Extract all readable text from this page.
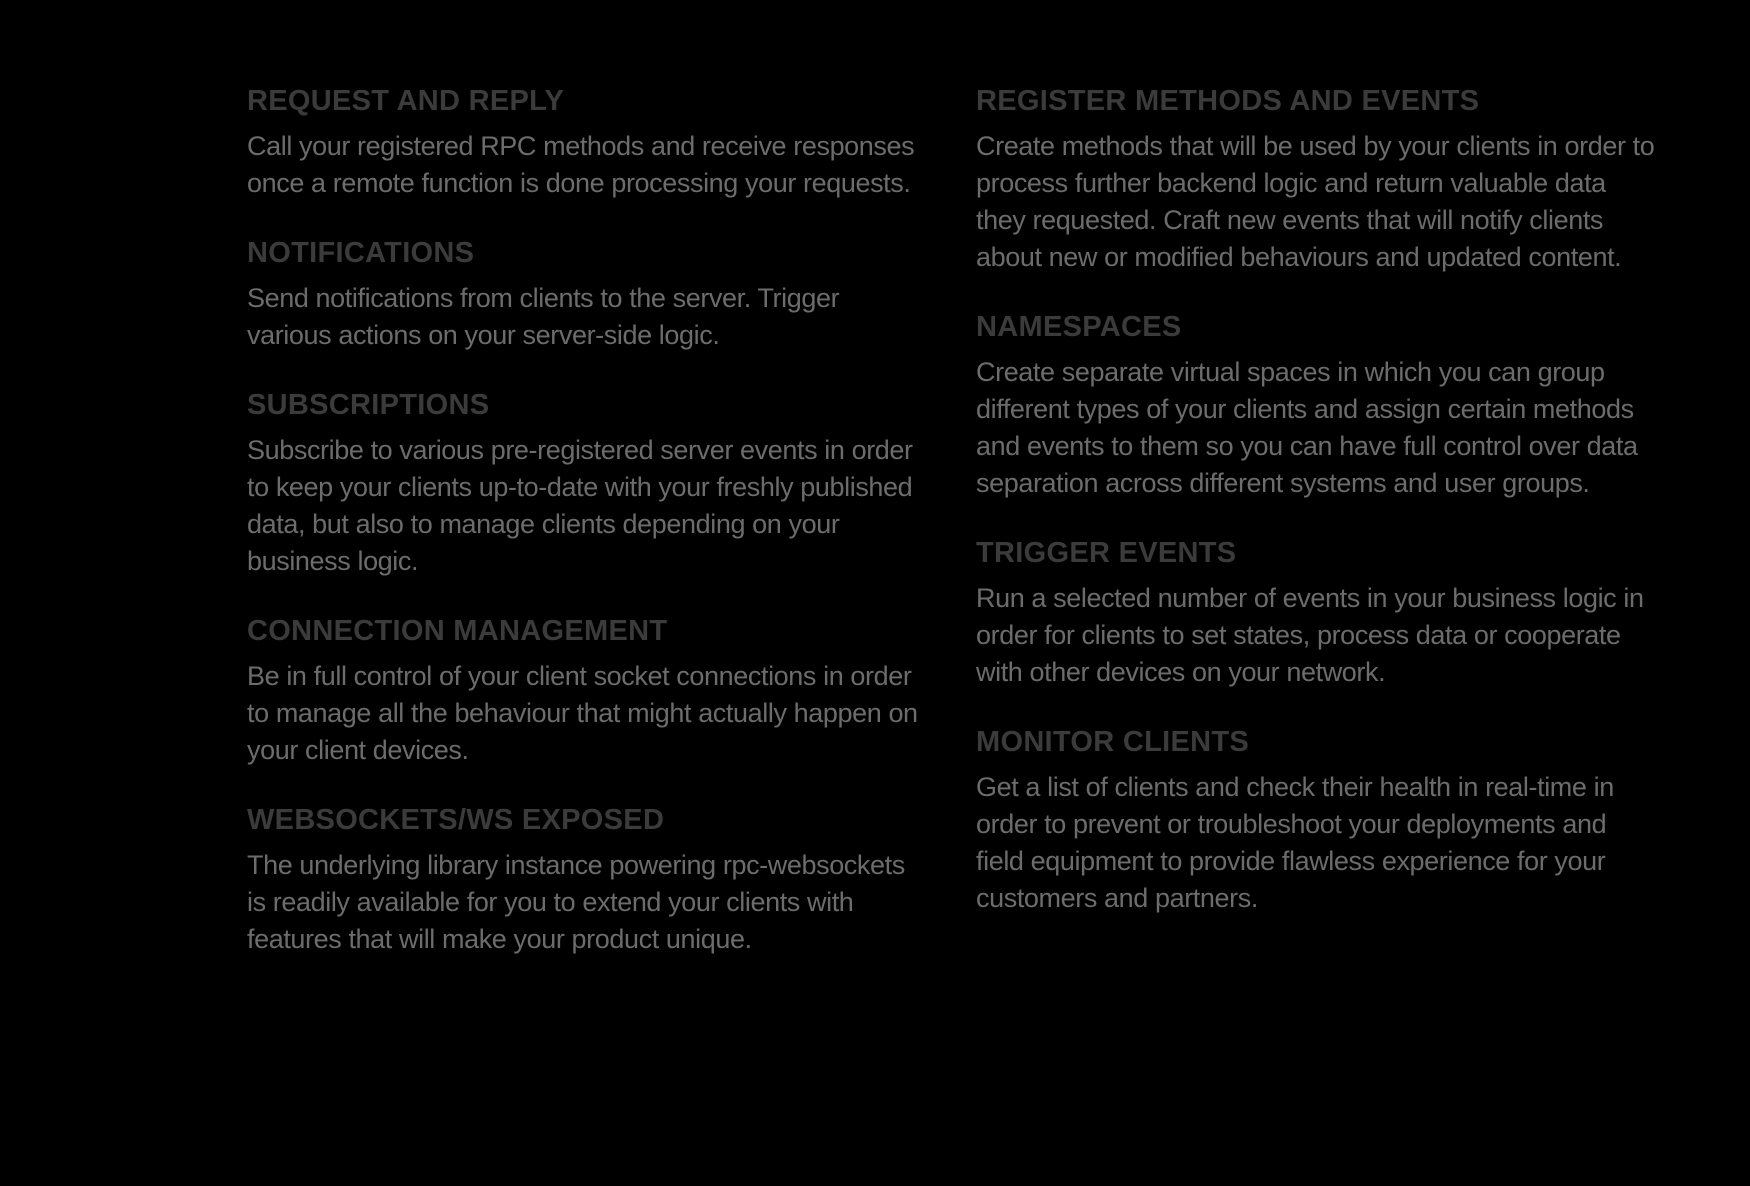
REQUEST AND REPLY

Call your registered RPC methods and receive responses once a remote function is done processing your requests.

NOTIFICATIONS

Send notifications from clients to the server. Trigger various actions on your server-side logic.

SUBSCRIPTIONS

Subscribe to various pre-registered server events in order to keep your clients up-to-date with your freshly published data, but also to manage clients depending on your business logic.

CONNECTION MANAGEMENT

Be in full control of your client socket connections in order to manage all the behaviour that might actually happen on your client devices.

WEBSOCKETS/WS EXPOSED

The underlying library instance powering rpc-websockets is readily available for you to extend your clients with features that will make your product unique.

REGISTER METHODS AND EVENTS

Create methods that will be used by your clients in order to process further backend logic and return valuable data they requested. Craft new events that will notify clients about new or modified behaviours and updated content.

NAMESPACES

Create separate virtual spaces in which you can group different types of your clients and assign certain methods and events to them so you can have full control over data separation across different systems and user groups.

TRIGGER EVENTS

Run a selected number of events in your business logic in order for clients to set states, process data or cooperate with other devices on your network.

MONITOR CLIENTS

Get a list of clients and check their health in real-time in order to prevent or troubleshoot your deployments and field equipment to provide flawless experience for your customers and partners.
